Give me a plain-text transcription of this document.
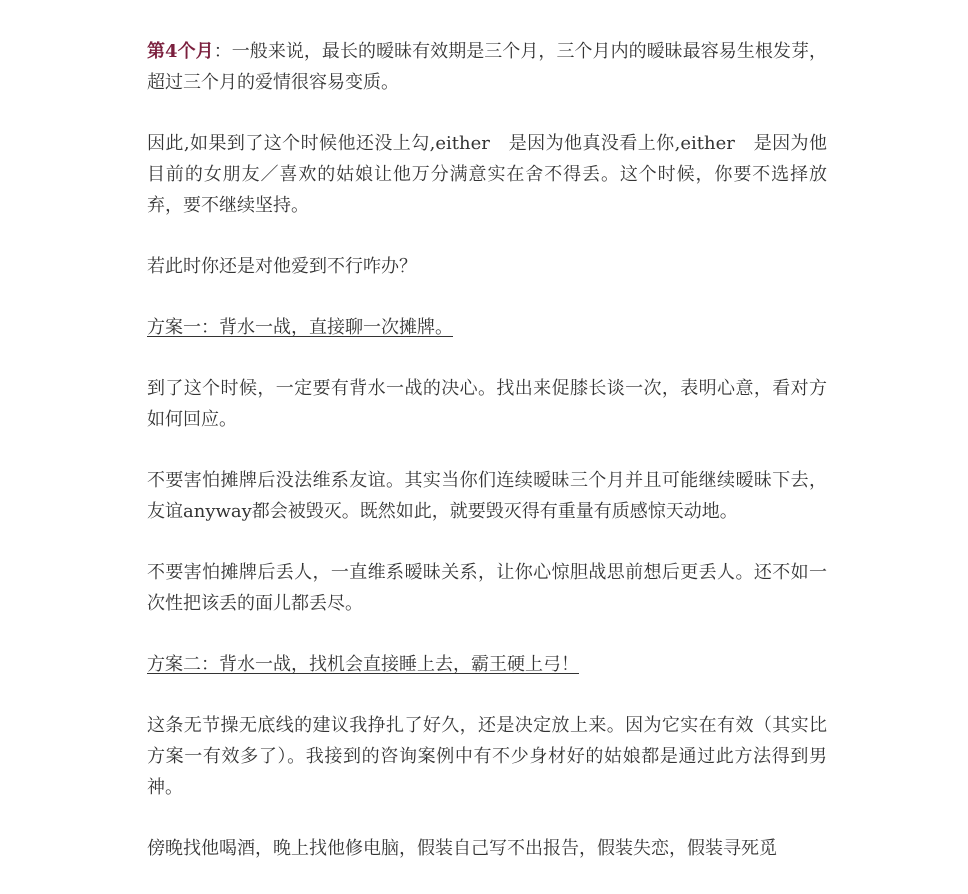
第4个月：一般来说，最长的暧昧有效期是三个月，三个月内的暧昧最容易生根发芽，超过三个月的爱情很容易变质。

因此,如果到了这个时候他还没上勾,either　是因为他真没看上你,either　是因为他目前的女朋友／喜欢的姑娘让他万分满意实在舍不得丢。这个时候，你要不选择放弃，要不继续坚持。

若此时你还是对他爱到不行咋办？

方案一：背水一战，直接聊一次摊牌。

到了这个时候，一定要有背水一战的决心。找出来促膝长谈一次，表明心意，看对方如何回应。

不要害怕摊牌后没法维系友谊。其实当你们连续暧昧三个月并且可能继续暧昧下去，友谊anyway都会被毁灭。既然如此，就要毁灭得有重量有质感惊天动地。

不要害怕摊牌后丢人，一直维系暧昧关系，让你心惊胆战思前想后更丢人。还不如一次性把该丢的面儿都丢尽。

方案二：背水一战，找机会直接睡上去，霸王硬上弓！

这条无节操无底线的建议我挣扎了好久，还是决定放上来。因为它实在有效（其实比方案一有效多了）。我接到的咨询案例中有不少身材好的姑娘都是通过此方法得到男神。

傍晚找他喝酒，晚上找他修电脑，假装自己写不出报告，假装失恋，假装寻死觅
